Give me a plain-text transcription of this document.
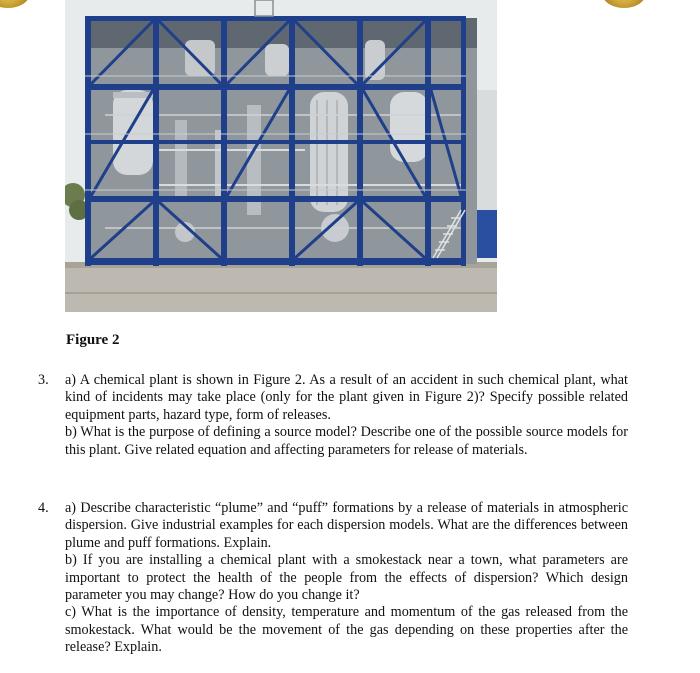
Figure 2
3. a) A chemical plant is shown in Figure 2. As a result of an accident in such chemical plant, what kind of incidents may take place (only for the plant given in Figure 2)? Specify possible related equipment parts, hazard type, form of releases.

b) What is the purpose of defining a source model? Describe one of the possible source models for this plant. Give related equation and affecting parameters for release of materials.

4. a) Describe characteristic “plume” and “puff” formations by a release of materials in atmospheric dispersion. Give industrial examples for each dispersion models. What are the differences between plume and puff formations. Explain.

b) If you are installing a chemical plant with a smokestack near a town, what parameters are important to protect the health of the people from the effects of dispersion? Which design parameter you may change? How do you change it?

c) What is the importance of density, temperature and momentum of the gas released from the smokestack. What would be the movement of the gas depending on these properties after the release? Explain.
